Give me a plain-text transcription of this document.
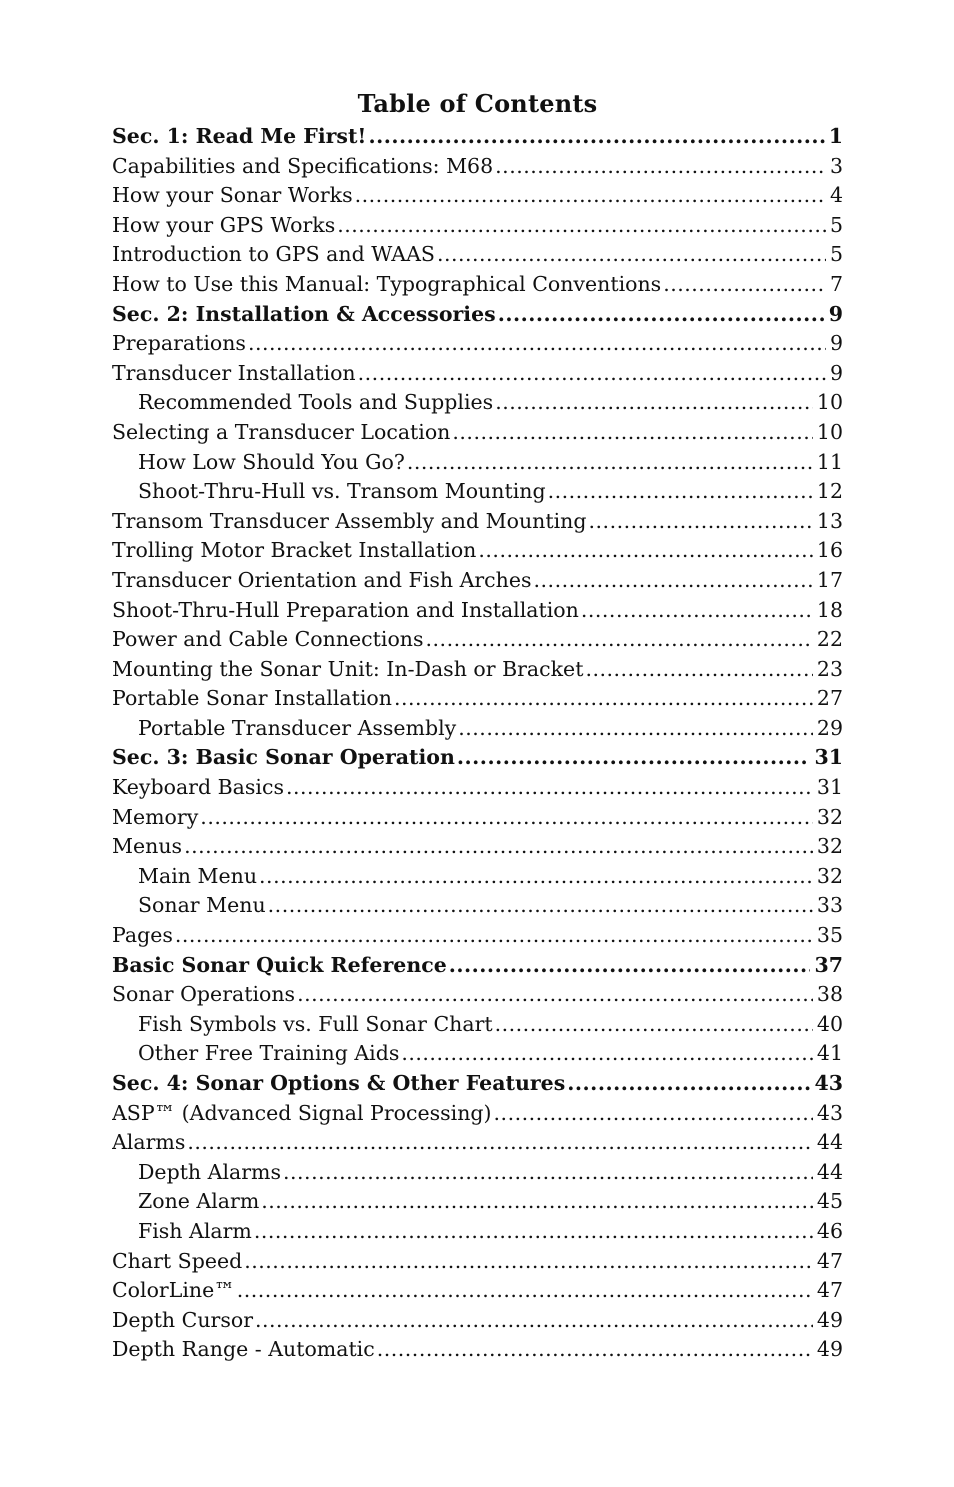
Table of Contents
Sec. 1: Read Me First! .....	1
Capabilities and Specifications: M68 .....	3
How your Sonar Works .....	4
How your GPS Works .....	5
Introduction to GPS and WAAS .....	5
How to Use this Manual: Typographical Conventions .....	7
Sec. 2: Installation & Accessories .....	9
Preparations .....	9
Transducer Installation .....	9
Recommended Tools and Supplies .....	10
Selecting a Transducer Location .....	10
How Low Should You Go? .....	11
Shoot-Thru-Hull vs. Transom Mounting .....	12
Transom Transducer Assembly and Mounting .....	13
Trolling Motor Bracket Installation .....	16
Transducer Orientation and Fish Arches .....	17
Shoot-Thru-Hull Preparation and Installation .....	18
Power and Cable Connections .....	22
Mounting the Sonar Unit: In-Dash or Bracket .....	23
Portable Sonar Installation .....	27
Portable Transducer Assembly .....	29
Sec. 3: Basic Sonar Operation .....	31
Keyboard Basics .....	31
Memory .....	32
Menus .....	32
Main Menu .....	32
Sonar Menu .....	33
Pages .....	35
Basic Sonar Quick Reference .....	37
Sonar Operations .....	38
Fish Symbols vs. Full Sonar Chart .....	40
Other Free Training Aids .....	41
Sec. 4: Sonar Options & Other Features .....	43
ASP™ (Advanced Signal Processing) .....	43
Alarms .....	44
Depth Alarms .....	44
Zone Alarm .....	45
Fish Alarm .....	46
Chart Speed .....	47
ColorLine™ .....	47
Depth Cursor .....	49
Depth Range - Automatic .....	49
